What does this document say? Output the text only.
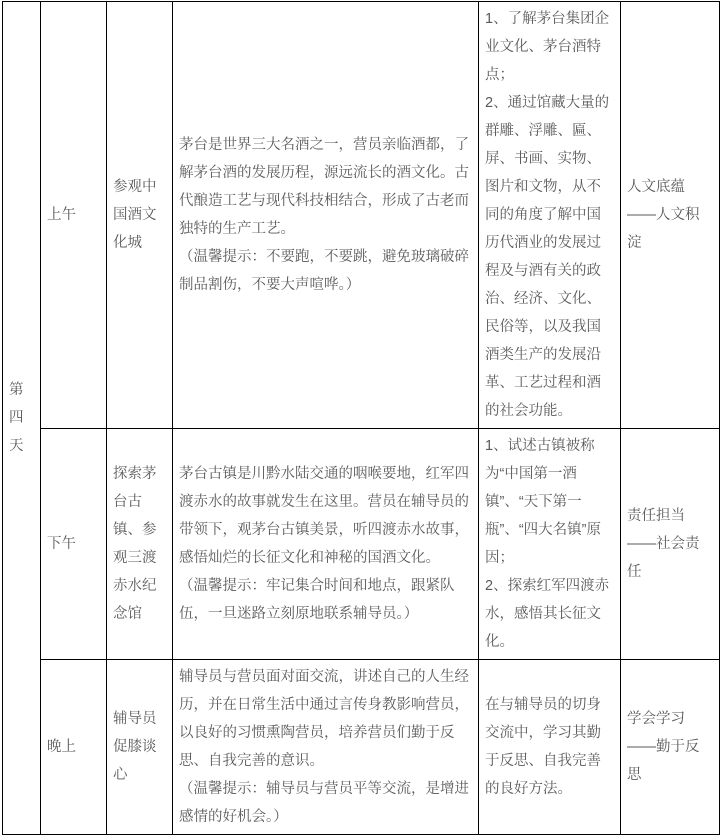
第四天	上午	参观中国酒文化城	茅台是世界三大名酒之一，营员亲临酒都，了解茅台酒的发展历程，源远流长的酒文化。古代酿造工艺与现代科技相结合，形成了古老而独特的生产工艺。
（温馨提示：不要跑，不要跳，避免玻璃破碎制品割伤，不要大声喧哗。）	1、了解茅台集团企业文化、茅台酒特点；
2、通过馆藏大量的群雕、浮雕、匾、屏、书画、实物、图片和文物，从不同的角度了解中国历代酒业的发展过程及与酒有关的政治、经济、文化、民俗等，以及我国酒类生产的发展沿革、工艺过程和酒的社会功能。	人文底蕴
——人文积淀

	下午	探索茅台古镇、参观三渡赤水纪念馆	茅台古镇是川黔水陆交通的咽喉要地，红军四渡赤水的故事就发生在这里。营员在辅导员的带领下，观茅台古镇美景，听四渡赤水故事，感悟灿烂的长征文化和神秘的国酒文化。
（温馨提示：牢记集合时间和地点，跟紧队伍，一旦迷路立刻原地联系辅导员。）	1、试述古镇被称为“中国第一酒镇”、“天下第一瓶”、“四大名镇”原因；
2、探索红军四渡赤水，感悟其长征文化。	责任担当
——社会责任

	晚上	辅导员促膝谈心	辅导员与营员面对面交流，讲述自己的人生经历，并在日常生活中通过言传身教影响营员，以良好的习惯熏陶营员，培养营员们勤于反思、自我完善的意识。
（温馨提示：辅导员与营员平等交流，是增进感情的好机会。）	在与辅导员的切身交流中，学习其勤于反思、自我完善的良好方法。	学会学习
——勤于反思
